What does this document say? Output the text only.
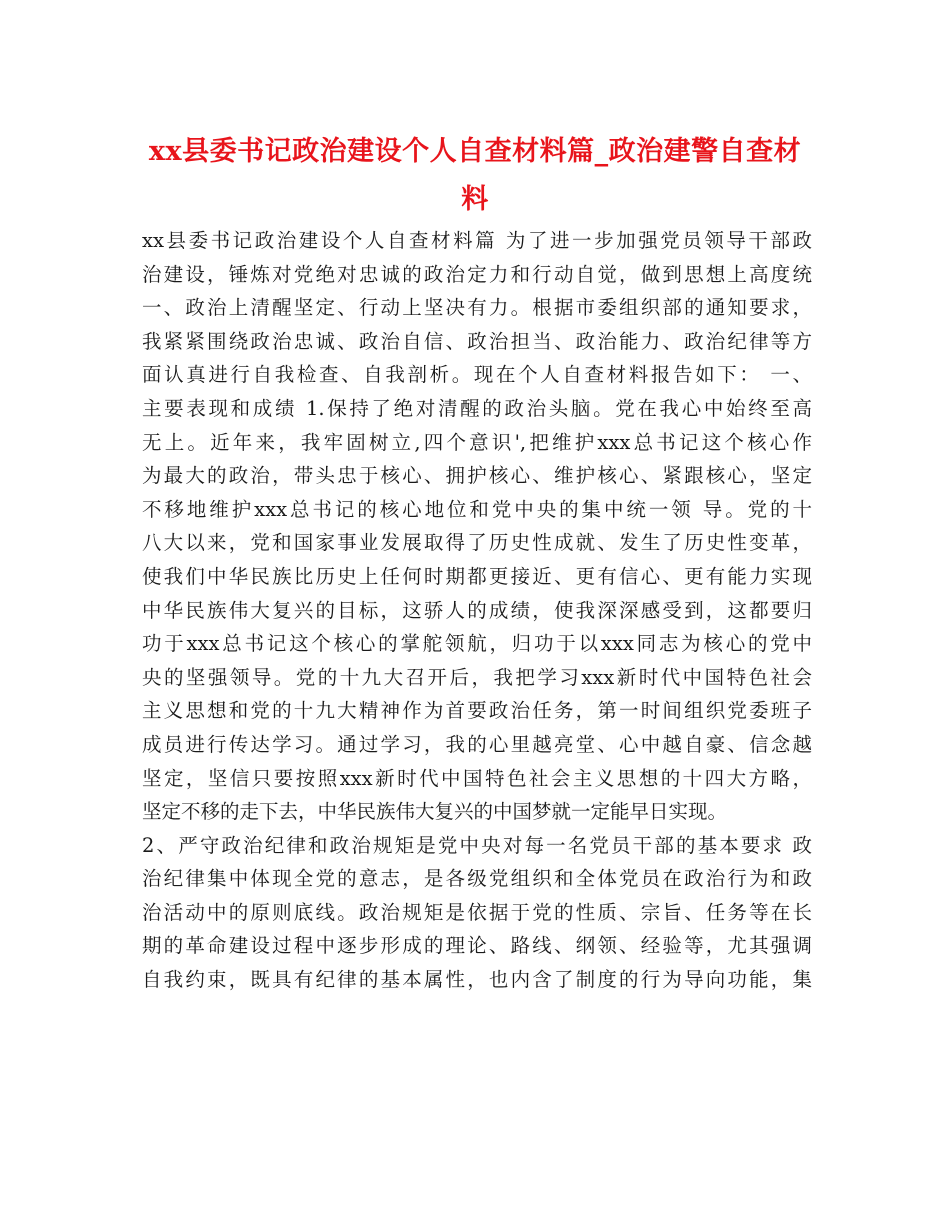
xx县委书记政治建设个人自查材料篇_政治建警自查材
料
xx县委书记政治建设个人自查材料篇 为了进一步加强党员领导干部政
治建设，锤炼对党绝对忠诚的政治定力和行动自觉，做到思想上高度统
一、政治上清醒坚定、行动上坚决有力。根据市委组织部的通知要求，
我紧紧围绕政治忠诚、政治自信、政治担当、政治能力、政治纪律等方
面认真进行自我检查、自我剖析。现在个人自查材料报告如下： 一、
主要表现和成绩 1.保持了绝对清醒的政治头脑。党在我心中始终至高
无上。近年来，我牢固树立,四个意识',把维护xxx总书记这个核心作
为最大的政治，带头忠于核心、拥护核心、维护核心、紧跟核心，坚定
不移地维护xxx总书记的核心地位和党中央的集中统一领 导。党的十
八大以来，党和国家事业发展取得了历史性成就、发生了历史性变革，
使我们中华民族比历史上任何时期都更接近、更有信心、更有能力实现
中华民族伟大复兴的目标，这骄人的成绩，使我深深感受到，这都要归
功于xxx总书记这个核心的掌舵领航，归功于以xxx同志为核心的党中
央的坚强领导。党的十九大召开后，我把学习xxx新时代中国特色社会
主义思想和党的十九大精神作为首要政治任务，第一时间组织党委班子
成员进行传达学习。通过学习，我的心里越亮堂、心中越自豪、信念越
坚定，坚信只要按照xxx新时代中国特色社会主义思想的十四大方略，
坚定不移的走下去，中华民族伟大复兴的中国梦就一定能早日实现。
2、严守政治纪律和政治规矩是党中央对每一名党员干部的基本要求 政
治纪律集中体现全党的意志，是各级党组织和全体党员在政治行为和政
治活动中的原则底线。政治规矩是依据于党的性质、宗旨、任务等在长
期的革命建设过程中逐步形成的理论、路线、纲领、经验等，尤其强调
自我约束，既具有纪律的基本属性，也内含了制度的行为导向功能，集
